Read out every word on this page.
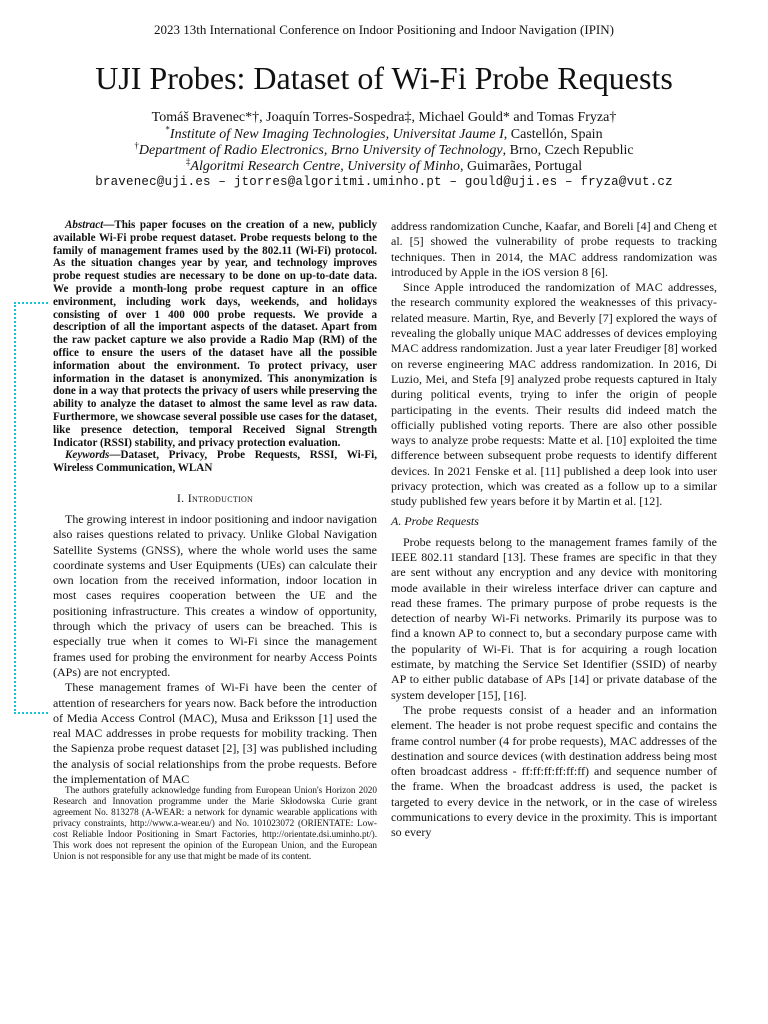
2023 13th International Conference on Indoor Positioning and Indoor Navigation (IPIN)
UJI Probes: Dataset of Wi-Fi Probe Requests
Tomáš Bravenec*†, Joaquín Torres-Sospedra‡, Michael Gould* and Tomas Fryza†
*Institute of New Imaging Technologies, Universitat Jaume I, Castellón, Spain
†Department of Radio Electronics, Brno University of Technology, Brno, Czech Republic
‡Algoritmi Research Centre, University of Minho, Guimarães, Portugal
bravenec@uji.es – jtorres@algoritmi.uminho.pt – gould@uji.es – fryza@vut.cz

Abstract—This paper focuses on the creation of a new, publicly available Wi-Fi probe request dataset. Probe requests belong to the family of management frames used by the 802.11 (Wi-Fi) protocol. As the situation changes year by year, and technology improves probe request studies are necessary to be done on up-to-date data. We provide a month-long probe request capture in an office environment, including work days, weekends, and holidays consisting of over 1 400 000 probe requests. We provide a description of all the important aspects of the dataset. Apart from the raw packet capture we also provide a Radio Map (RM) of the office to ensure the users of the dataset have all the possible information about the environment. To protect privacy, user information in the dataset is anonymized. This anonymization is done in a way that protects the privacy of users while preserving the ability to analyze the dataset to almost the same level as raw data. Furthermore, we showcase several possible use cases for the dataset, like presence detection, temporal Received Signal Strength Indicator (RSSI) stability, and privacy protection evaluation.

Keywords—Dataset, Privacy, Probe Requests, RSSI, Wi-Fi, Wireless Communication, WLAN

I. Introduction

The growing interest in indoor positioning and indoor navigation also raises questions related to privacy. Unlike Global Navigation Satellite Systems (GNSS), where the whole world uses the same coordinate systems and User Equipments (UEs) can calculate their own location from the received information, indoor location in most cases requires cooperation between the UE and the positioning infrastructure. This creates a window of opportunity, through which the privacy of users can be breached. This is especially true when it comes to Wi-Fi since the management frames used for probing the environment for nearby Access Points (APs) are not encrypted.

These management frames of Wi-Fi have been the center of attention of researchers for years now. Back before the introduction of Media Access Control (MAC), Musa and Eriksson [1] used the real MAC addresses in probe requests for mobility tracking. Then the Sapienza probe request dataset [2], [3] was published including the analysis of social relationships from the probe requests. Before the implementation of MAC

The authors gratefully acknowledge funding from European Union's Horizon 2020 Research and Innovation programme under the Marie Skłodowska Curie grant agreement No. 813278 (A-WEAR: a network for dynamic wearable applications with privacy constraints, http://www.a-wear.eu/) and No. 101023072 (ORIENTATE: Low-cost Reliable Indoor Positioning in Smart Factories, http://orientate.dsi.uminho.pt/). This work does not represent the opinion of the European Union, and the European Union is not responsible for any use that might be made of its content.

address randomization Cunche, Kaafar, and Boreli [4] and Cheng et al. [5] showed the vulnerability of probe requests to tracking techniques. Then in 2014, the MAC address randomization was introduced by Apple in the iOS version 8 [6].

Since Apple introduced the randomization of MAC addresses, the research community explored the weaknesses of this privacy-related measure. Martin, Rye, and Beverly [7] explored the ways of revealing the globally unique MAC addresses of devices employing MAC address randomization. Just a year later Freudiger [8] worked on reverse engineering MAC address randomization. In 2016, Di Luzio, Mei, and Stefa [9] analyzed probe requests captured in Italy during political events, trying to infer the origin of people participating in the events. Their results did indeed match the officially published voting reports. There are also other possible ways to analyze probe requests: Matte et al. [10] exploited the time difference between subsequent probe requests to identify different devices. In 2021 Fenske et al. [11] published a deep look into user privacy protection, which was created as a follow up to a similar study published few years before it by Martin et al. [12].

A. Probe Requests

Probe requests belong to the management frames family of the IEEE 802.11 standard [13]. These frames are specific in that they are sent without any encryption and any device with monitoring mode available in their wireless interface driver can capture and read these frames. The primary purpose of probe requests is the detection of nearby Wi-Fi networks. Primarily its purpose was to find a known AP to connect to, but a secondary purpose came with the popularity of Wi-Fi. That is for acquiring a rough location estimate, by matching the Service Set Identifier (SSID) of nearby AP to either public database of APs [14] or private database of the system developer [15], [16].

The probe requests consist of a header and an information element. The header is not probe request specific and contains the frame control number (4 for probe requests), MAC addresses of the destination and source devices (with destination address being most often broadcast address - ff:ff:ff:ff:ff:ff) and sequence number of the frame. When the broadcast address is used, the packet is targeted to every device in the network, or in the case of wireless communications to every device in the proximity. This is important so every
